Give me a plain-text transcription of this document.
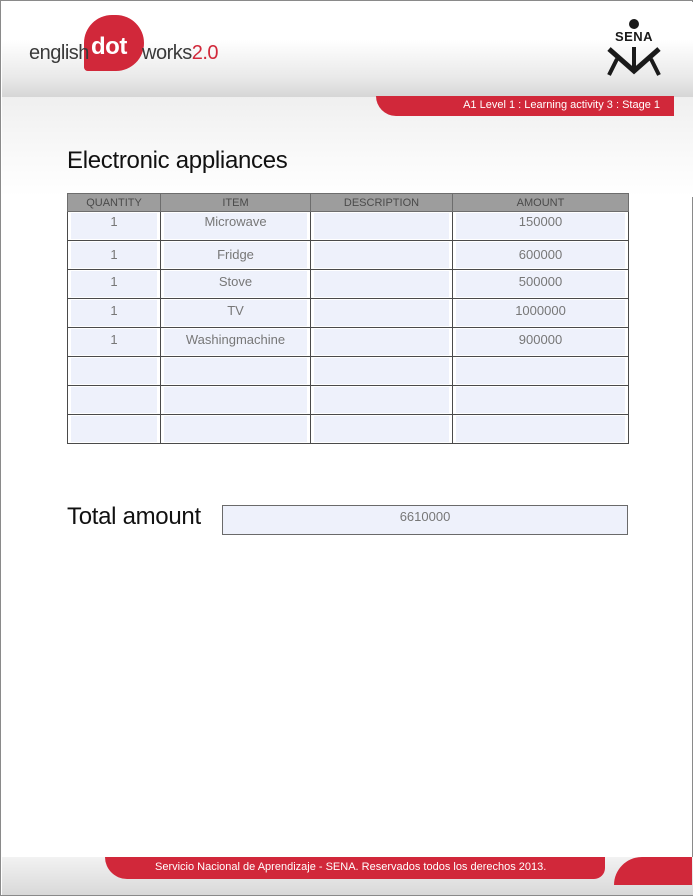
english dot works2.0
SENA
A1 Level 1 : Learning activity 3 : Stage 1
Electronic appliances
QUANTITY	ITEM	DESCRIPTION	AMOUNT

1	Microwave		150000

1	Fridge		600000

1	Stove		500000

1	TV		1000000

1	Washingmachine		900000

Total amount	6610000
Servicio Nacional de Aprendizaje - SENA. Reservados todos los derechos 2013.
